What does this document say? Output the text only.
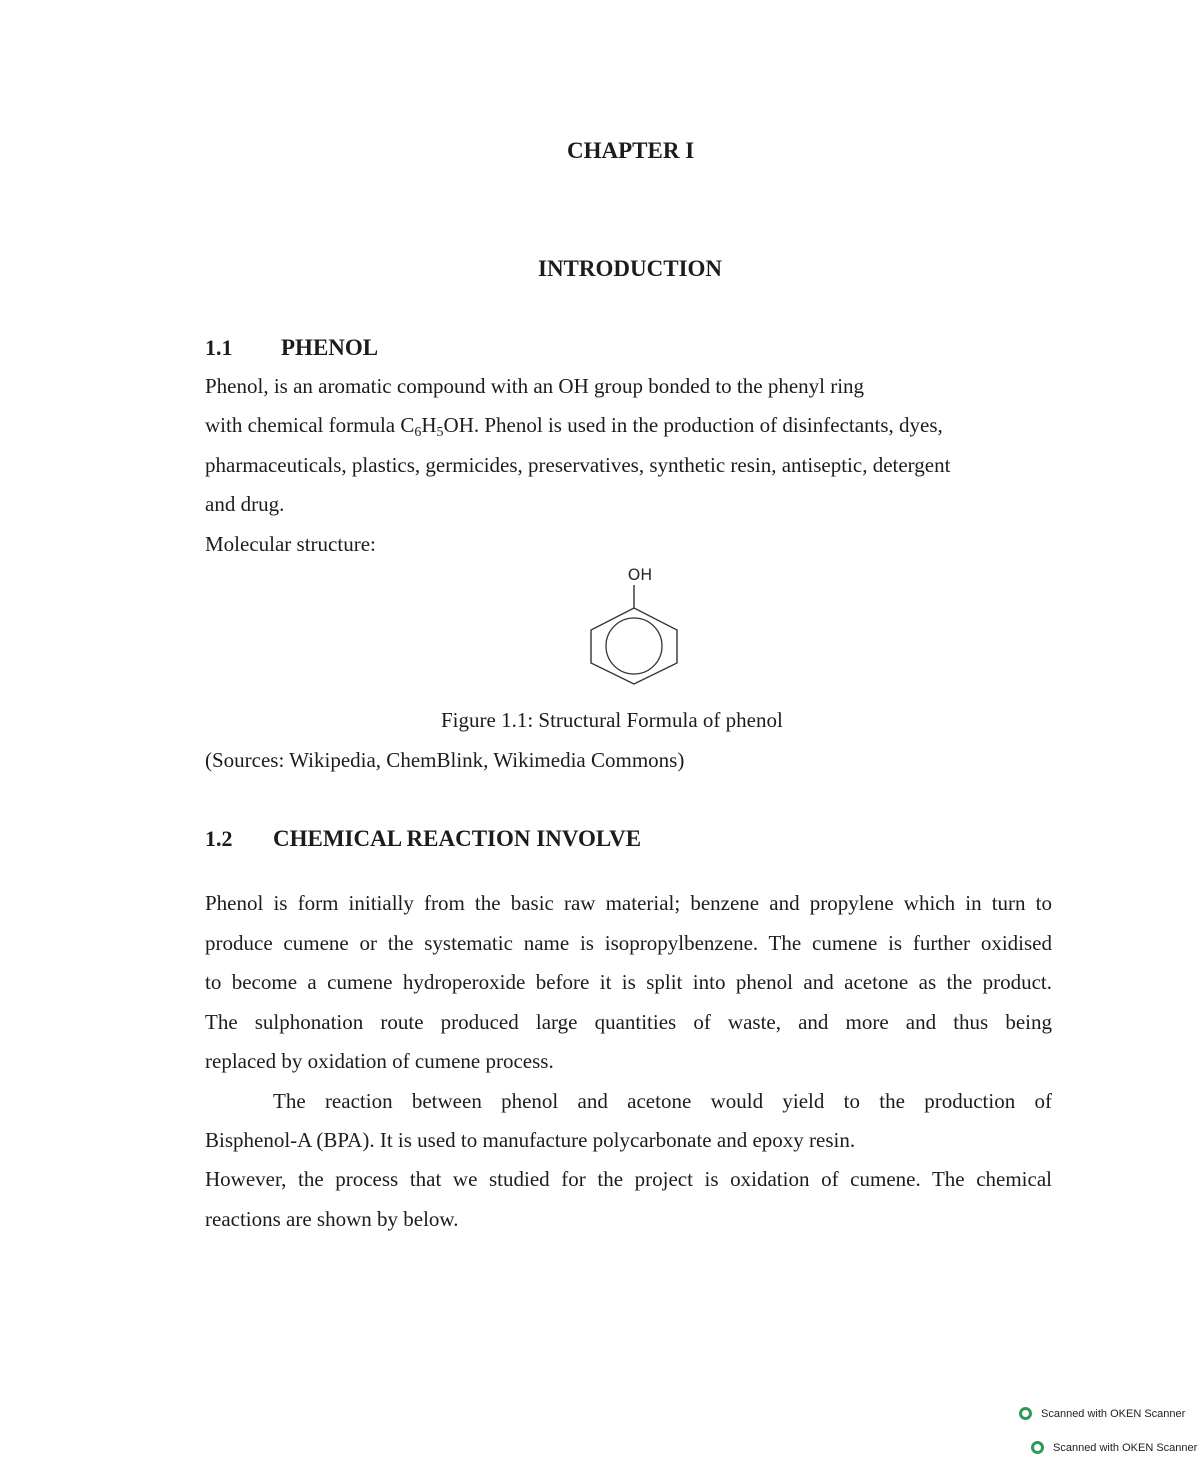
CHAPTER I
INTRODUCTION
1.1 PHENOL
Phenol, is an aromatic compound with an OH group bonded to the phenyl ring
with chemical formula $C_6H_5OH$. Phenol is used in the production of disinfectants, dyes,
pharmaceuticals, plastics, germicides, preservatives, synthetic resin, antiseptic, detergent
and drug.
Molecular structure:
OH
Figure 1.1: Structural Formula of phenol
(Sources: Wikipedia, ChemBlink, Wikimedia Commons)
1.2 CHEMICAL REACTION INVOLVE
Phenol is form initially from the basic raw material; benzene and propylene which in turn to
produce cumene or the systematic name is isopropylbenzene. The cumene is further oxidised
to become a cumene hydroperoxide before it is split into phenol and acetone as the product.
The sulphonation route produced large quantities of waste, and more and thus being
replaced by oxidation of cumene process.
The reaction between phenol and acetone would yield to the production of
Bisphenol-A (BPA). It is used to manufacture polycarbonate and epoxy resin.
However, the process that we studied for the project is oxidation of cumene. The chemical
reactions are shown by below.
Scanned with OKEN Scanner
Scanned with OKEN Scanner
